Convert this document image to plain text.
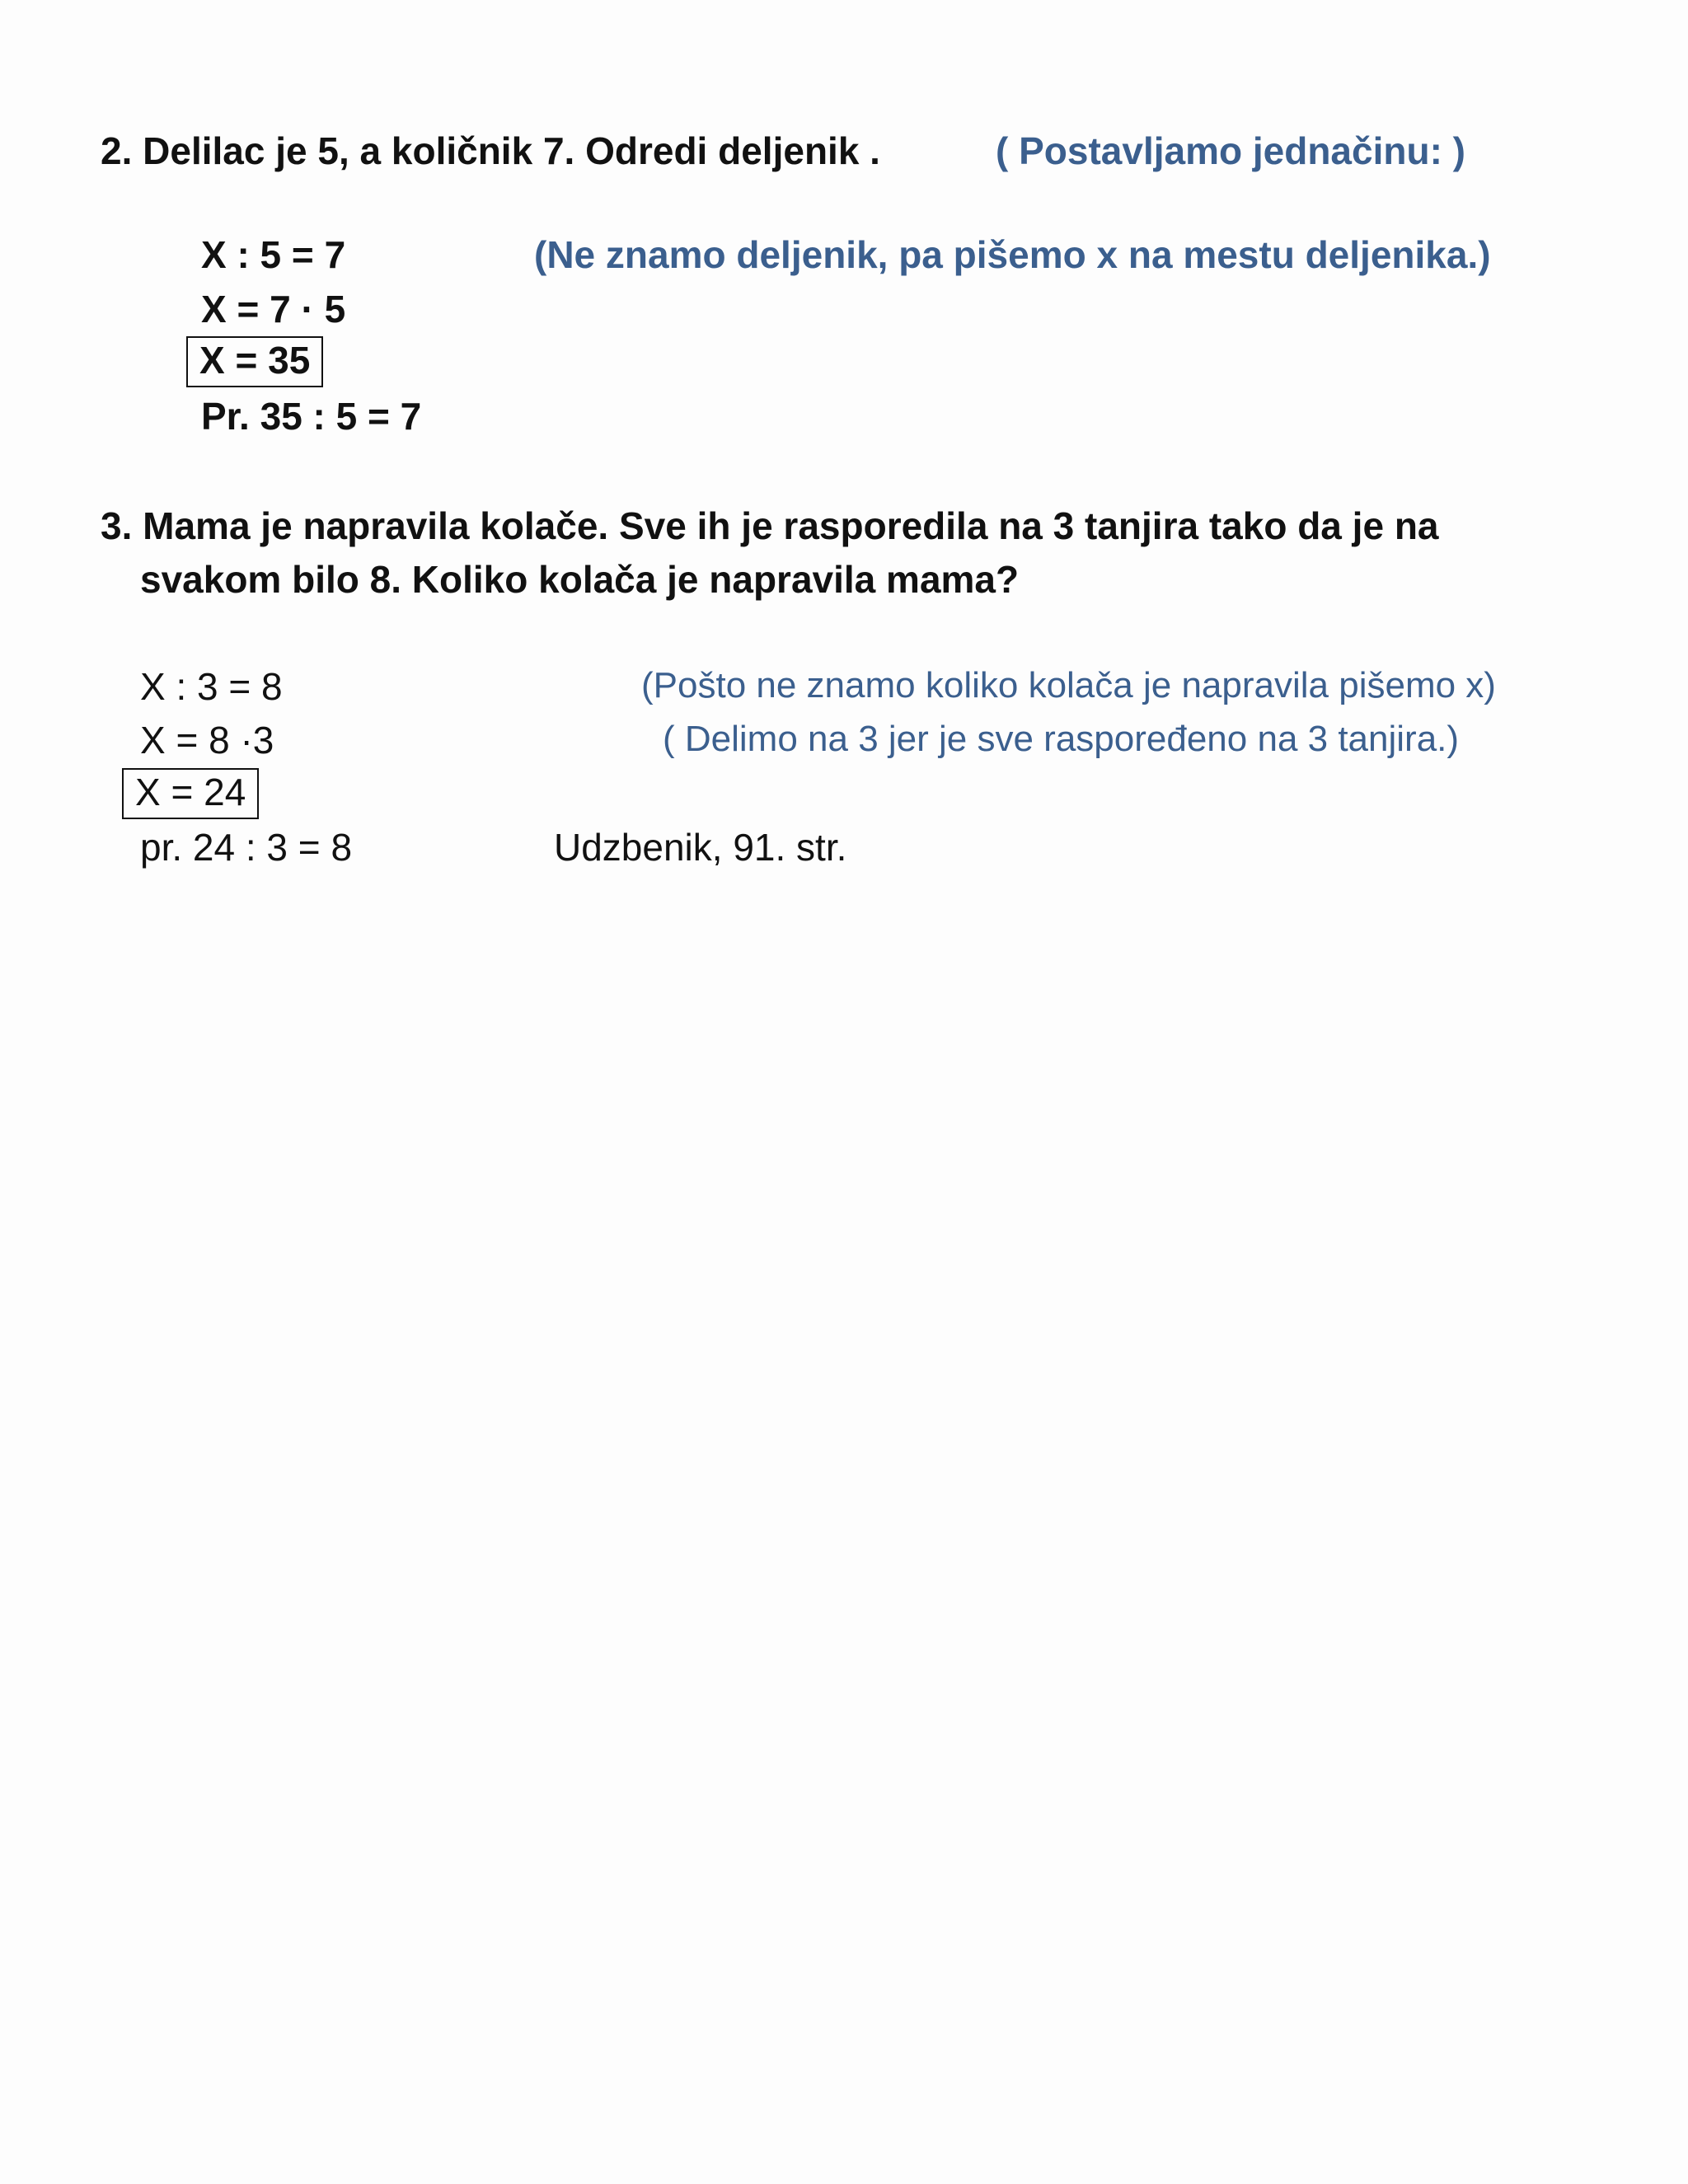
2. Delilac je 5, a količnik 7. Odredi deljenik .	( Postavljamo jednačinu: )
X : 5 = 7	(Ne znamo deljenik, pa pišemo x na mestu deljenika.)
X = 7 · 5
X = 35
Pr. 35 : 5 = 7
3. Mama je napravila kolače. Sve ih je rasporedila na 3 tanjira tako da je na
svakom bilo 8. Koliko kolača je napravila mama?
X : 3 = 8	(Pošto ne znamo koliko kolača je napravila pišemo x)
X = 8 ·3	( Delimo na 3 jer je sve raspoređeno na 3 tanjira.)
X = 24
pr. 24 : 3 = 8	Udzbenik, 91. str.
